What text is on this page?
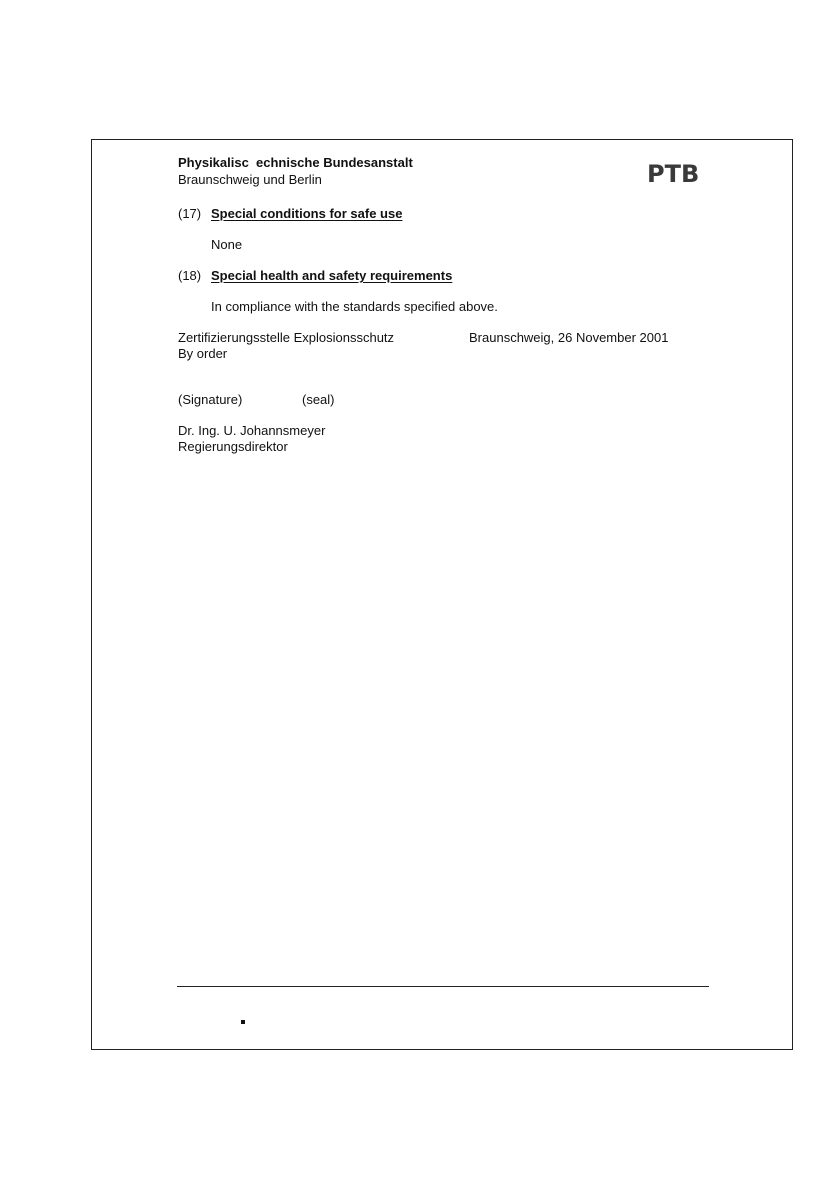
Physikalisc echnische Bundesanstalt
Braunschweig und Berlin	PTB
(17) Special conditions for safe use
None
(18) Special health and safety requirements
In compliance with the standards specified above.
Zertifizierungsstelle Explosionsschutz	Braunschweig, 26 November 2001
By order
(Signature)	(seal)
Dr. Ing. U. Johannsmeyer
Regierungsdirektor
